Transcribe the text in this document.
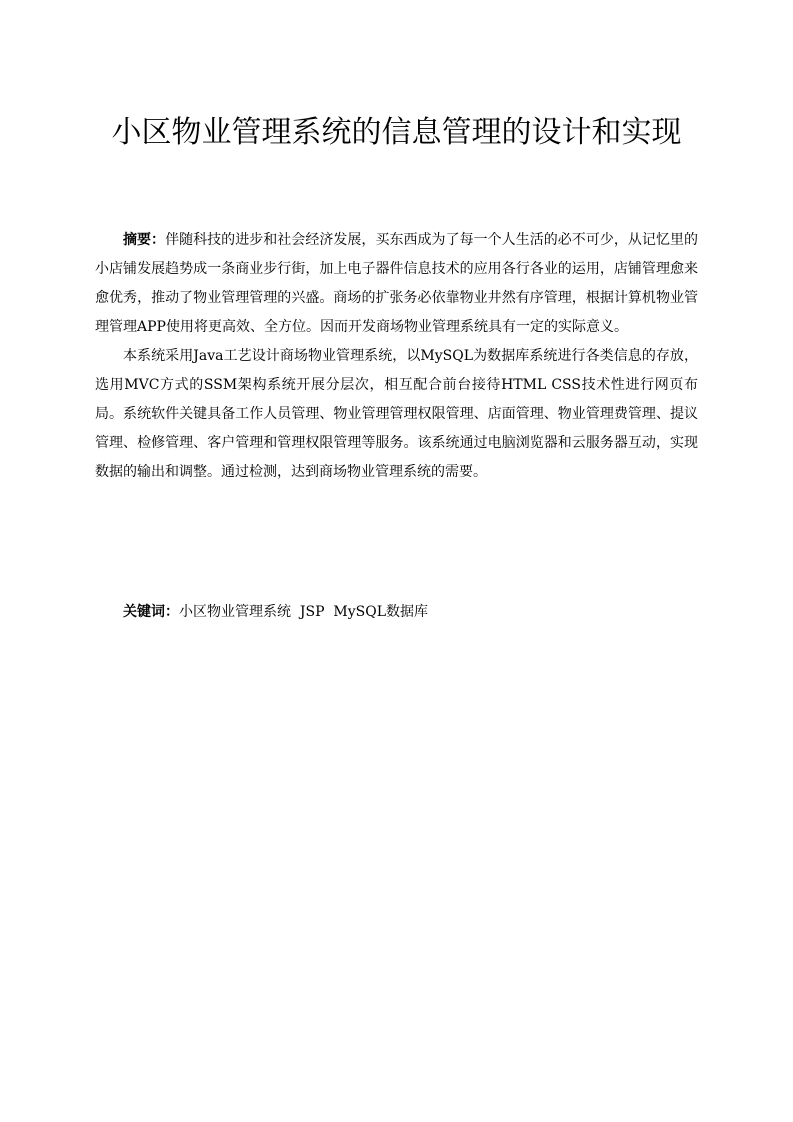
小区物业管理系统的信息管理的设计和实现

摘要：伴随科技的进步和社会经济发展，买东西成为了每一个人生活的必不可少，从记忆里的小店铺发展趋势成一条商业步行街，加上电子器件信息技术的应用各行各业的运用，店铺管理愈来愈优秀，推动了物业管理管理的兴盛。商场的扩张务必依靠物业井然有序管理，根据计算机物业管理管理APP使用将更高效、全方位。因而开发商场物业管理系统具有一定的实际意义。

本系统采用Java工艺设计商场物业管理系统，以MySQL为数据库系统进行各类信息的存放，选用MVC方式的SSM架构系统开展分层次，相互配合前台接待HTML CSS技术性进行网页布局。系统软件关键具备工作人员管理、物业管理管理权限管理、店面管理、物业管理费管理、提议管理、检修管理、客户管理和管理权限管理等服务。该系统通过电脑浏览器和云服务器互动，实现数据的输出和调整。通过检测，达到商场物业管理系统的需要。

关键词：小区物业管理系统  JSP  MySQL数据库
